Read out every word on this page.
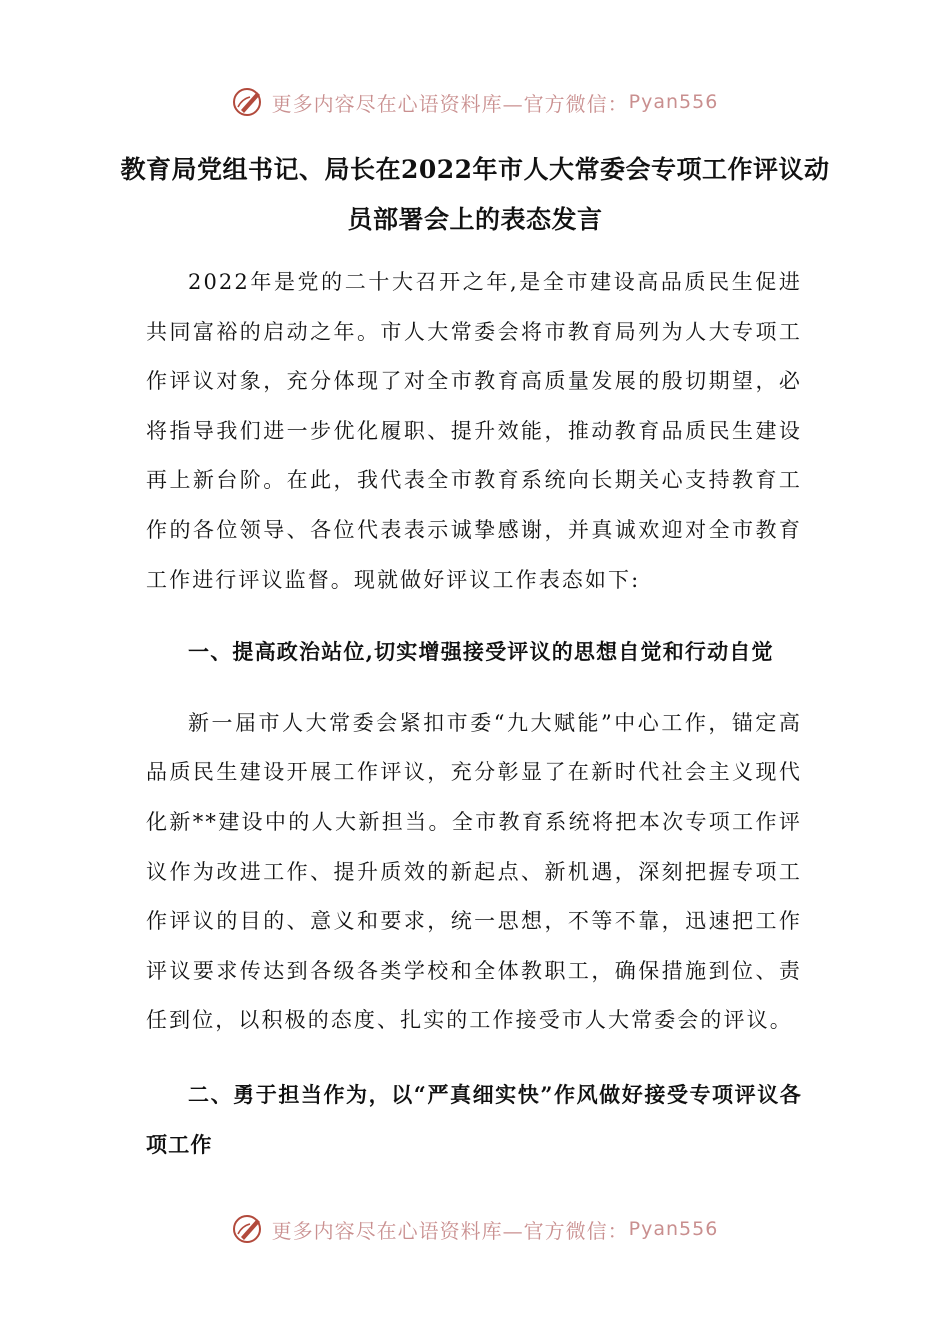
更多内容尽在心语资料库—官方微信： Pyan556
教育局党组书记、局长在2022年市人大常委会专项工作评议动员部署会上的表态发言

2022年是党的二十大召开之年,是全市建设高品质民生促进共同富裕的启动之年。市人大常委会将市教育局列为人大专项工作评议对象，充分体现了对全市教育高质量发展的殷切期望，必将指导我们进一步优化履职、提升效能，推动教育品质民生建设再上新台阶。在此，我代表全市教育系统向长期关心支持教育工作的各位领导、各位代表表示诚挚感谢，并真诚欢迎对全市教育工作进行评议监督。现就做好评议工作表态如下:

一、提高政治站位,切实增强接受评议的思想自觉和行动自觉

新一届市人大常委会紧扣市委“九大赋能”中心工作，锚定高品质民生建设开展工作评议，充分彰显了在新时代社会主义现代化新**建设中的人大新担当。全市教育系统将把本次专项工作评议作为改进工作、提升质效的新起点、新机遇，深刻把握专项工作评议的目的、意义和要求，统一思想，不等不靠，迅速把工作评议要求传达到各级各类学校和全体教职工，确保措施到位、责任到位，以积极的态度、扎实的工作接受市人大常委会的评议。

二、勇于担当作为，以“严真细实快”作风做好接受专项评议各项工作
更多内容尽在心语资料库—官方微信： Pyan556
